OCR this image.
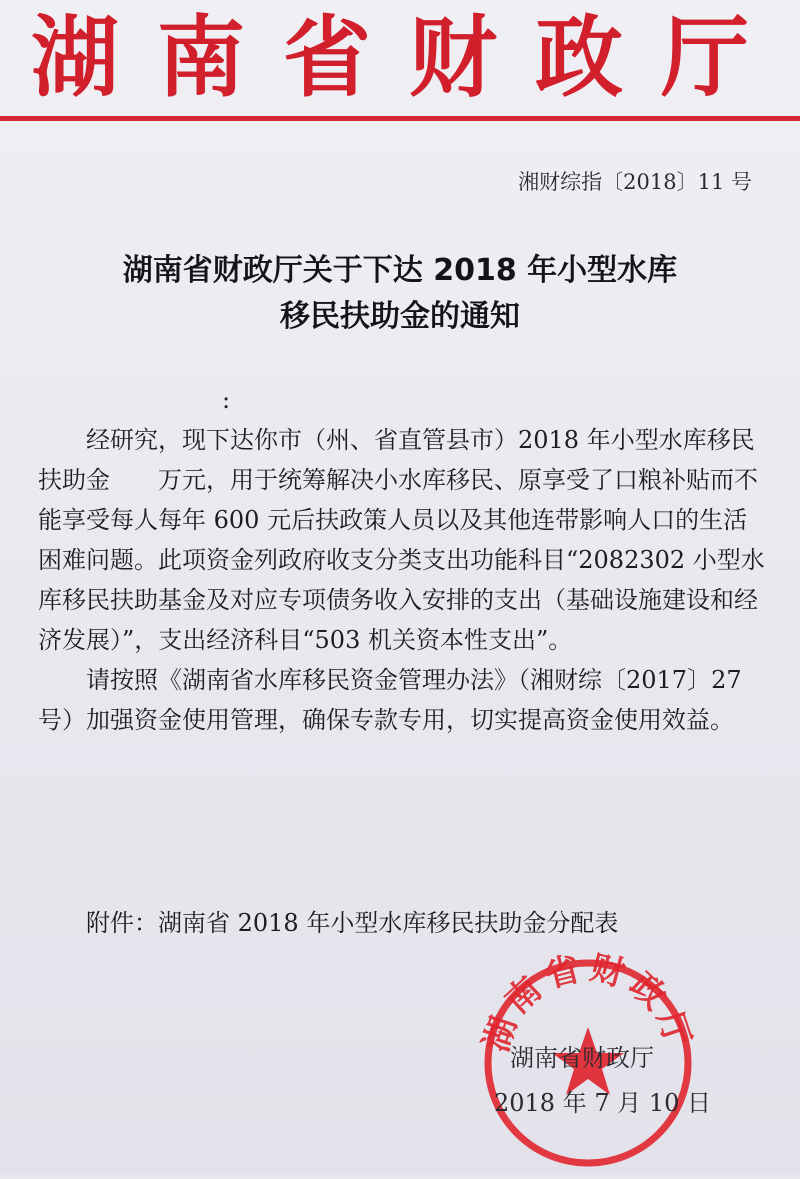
湖南省财政厅
湘财综指〔2018〕11 号
湖南省财政厅关于下达 2018 年小型水库
移民扶助金的通知
:

经研究，现下达你市（州、省直管县市）2018 年小型水库移民扶助金　　万元，用于统筹解决小水库移民、原享受了口粮补贴而不能享受每人每年 600 元后扶政策人员以及其他连带影响人口的生活困难问题。此项资金列政府收支分类支出功能科目“2082302 小型水库移民扶助基金及对应专项债务收入安排的支出（基础设施建设和经济发展）”，支出经济科目“503 机关资本性支出”。

请按照《湖南省水库移民资金管理办法》（湘财综〔2017〕27 号）加强资金使用管理，确保专款专用，切实提高资金使用效益。

附件：湖南省 2018 年小型水库移民扶助金分配表
湖南省财政厅
湖南省财政厅
2018 年 7 月 10 日
